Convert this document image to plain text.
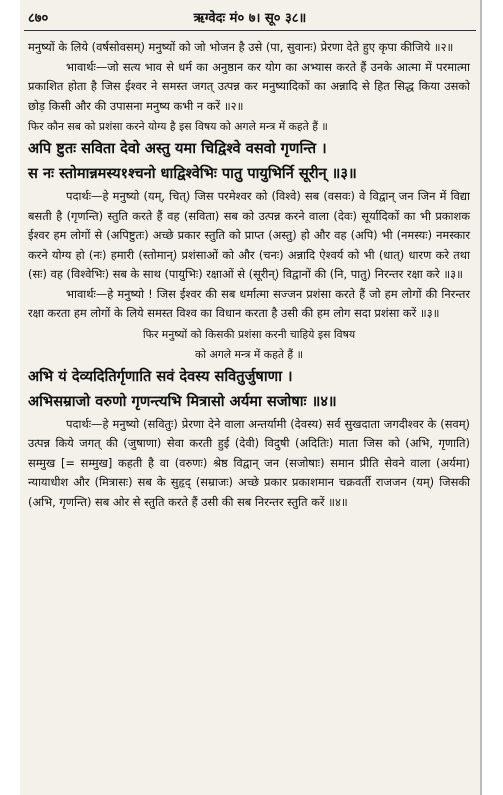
८७०	ऋग्वेदः मं० ७। सू० ३८॥

मनुष्यों के लिये (वर्षसोवसम्) मनुष्यों को जो भोजन है उसे (पा, सुवानः) प्रेरणा देते हुए कृपा कीजिये ॥२॥

भावार्थः—जो सत्य भाव से धर्म का अनुष्ठान कर योग का अभ्यास करते हैं उनके आत्मा में परमात्मा प्रकाशित होता है जिस ईश्वर ने समस्त जगत् उत्पन्न कर मनुष्यादिकों का अन्नादि से हित सिद्ध किया उसको छोड़ किसी और की उपासना मनुष्य कभी न करें ॥२॥

फिर कौन सब को प्रशंसा करने योग्य है इस विषय को अगले मन्त्र में कहते हैं ॥

अपि ष्टुतः सविता देवो अस्तु यमा चिद्विश्वे वसवो गृणन्ति ।

स नः स्तोमान्नमस्य१श्चनो धाद्विश्वेभिः पातु पायुभिर्नि सूरीन् ॥३॥

पदार्थः—हे मनुष्यो (यम्, चित्) जिस परमेश्वर को (विश्वे) सब (वसवः) वे विद्वान् जन जिन में विद्या बसती है (गृणन्ति) स्तुति करते हैं वह (सविता) सब को उत्पन्न करने वाला (देवः) सूर्यादिकों का भी प्रकाशक ईश्वर हम लोगों से (अपिष्टुतः) अच्छे प्रकार स्तुति को प्राप्त (अस्तु) हो और वह (अपि) भी (नमस्यः) नमस्कार करने योग्य हो (नः) हमारी (स्तोमान्) प्रशंसाओं को और (चनः) अन्नादि ऐश्वर्य को भी (धात्) धारण करे तथा (सः) वह (विश्वेभिः) सब के साथ (पायुभिः) रक्षाओं से (सूरीन्) विद्वानों की (नि, पातु) निरन्तर रक्षा करे ॥३॥

भावार्थः—हे मनुष्यो ! जिस ईश्वर की सब धर्मात्मा सज्जन प्रशंसा करते हैं जो हम लोगों की निरन्तर रक्षा करता हम लोगों के लिये समस्त विश्व का विधान करता है उसी की हम लोग सदा प्रशंसा करें ॥३॥

फिर मनुष्यों को किसकी प्रशंसा करनी चाहिये इस विषय

को अगले मन्त्र में कहते हैं ॥

अभि यं देव्यदितिर्गृणाति सवं देवस्य सवितुर्जुषाणा ।

अभिसम्राजो वरुणो गृणन्त्यभि मित्रासो अर्यमा सजोषाः ॥४॥

पदार्थः—हे मनुष्यो (सवितुः) प्रेरणा देने वाला अन्तर्यामी (देवस्य) सर्व सुखदाता जगदीश्वर के (सवम्) उत्पन्न किये जगत् की (जुषाणा) सेवा करती हुई (देवी) विदुषी (अदितिः) माता जिस को (अभि, गृणाति) सम्मुख [= सम्मुख] कहती है वा (वरुणः) श्रेष्ठ विद्वान् जन (सजोषाः) समान प्रीति सेवने वाला (अर्यमा) न्यायाधीश और (मित्रासः) सब के सुहृद् (सम्राजः) अच्छे प्रकार प्रकाशमान चक्रवर्ती राजजन (यम्) जिसकी (अभि, गृणन्ति) सब ओर से स्तुति करते हैं उसी की सब निरन्तर स्तुति करें ॥४॥
